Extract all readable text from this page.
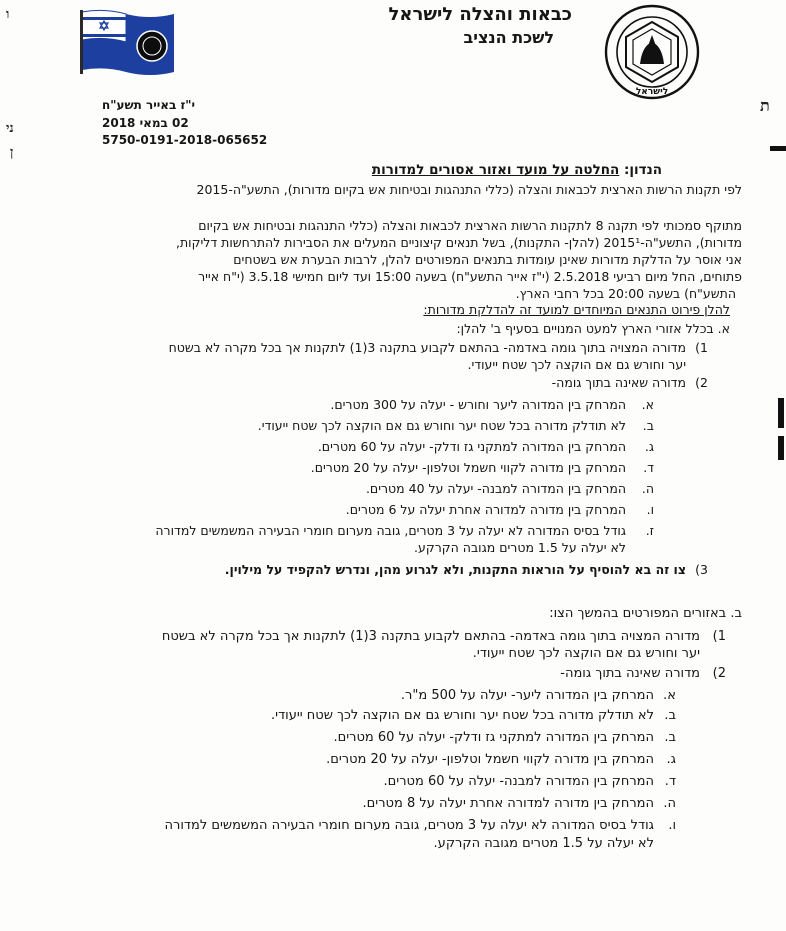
ו
ני
ן
ת
כבאות והצלה לישראל
לשכת הנציב
לישראל
י"ז באייר תשע"ח
02 במאי 2018
5750-0191-2018-065652
הנדון: החלטה על מועד ואזור אסורים למדורות
לפי תקנות הרשות הארצית לכבאות והצלה (כללי התנהגות ובטיחות אש בקיום מדורות), התשע"ה-2015
מתוקף סמכותי לפי תקנה 8 לתקנות הרשות הארצית לכבאות והצלה (כללי התנהגות ובטיחות אש בקיום
מדורות), התשע"ה-2015¹ (להלן- התקנות), בשל תנאים קיצוניים המעלים את הסבירות להתרחשות דליקות,
אני אוסר על הדלקת מדורות שאינן עומדות בתנאים המפורטים להלן, לרבות הבערת אש בשטחים
פתוחים, החל מיום רביעי 2.5.2018 (י"ז אייר התשע"ח) בשעה 15:00 ועד ליום חמישי 3.5.18 (י"ח אייר
התשע"ח) בשעה 20:00 בכל רחבי הארץ.
להלן פירוט התנאים המיוחדים למועד זה להדלקת מדורות:
א. בכלל אזורי הארץ למעט המנויים בסעיף ב' להלן:
1)
מדורה המצויה בתוך גומה באדמה- בהתאם לקבוע בתקנה 3(1) לתקנות אך בכל מקרה לא בשטח
יער וחורש גם אם הוקצה לכך שטח ייעודי.
2)
מדורה שאינה בתוך גומה-
א.
המרחק בין המדורה ליער וחורש - יעלה על 300 מטרים.
ב.
לא תודלק מדורה בכל שטח יער וחורש גם אם הוקצה לכך שטח ייעודי.
ג.
המרחק בין המדורה למתקני גז ודלק- יעלה על 60 מטרים.
ד.
המרחק בין מדורה לקווי חשמל וטלפון- יעלה על 20 מטרים.
ה.
המרחק בין המדורה למבנה- יעלה על 40 מטרים.
ו.
המרחק בין מדורה למדורה אחרת יעלה על 6 מטרים.
ז.
גודל בסיס המדורה לא יעלה על 3 מטרים, גובה מערום חומרי הבעירה המשמשים למדורה
לא יעלה על 1.5 מטרים מגובה הקרקע.
3)
צו זה בא להוסיף על הוראות התקנות, ולא לגרוע מהן, ונדרש להקפיד על מילוין.
ב. באזורים המפורטים בהמשך הצו:
1)
מדורה המצויה בתוך גומה באדמה- בהתאם לקבוע בתקנה 3(1) לתקנות אך בכל מקרה לא בשטח
יער וחורש גם אם הוקצה לכך שטח ייעודי.
2)
מדורה שאינה בתוך גומה-
א.
המרחק בין המדורה ליער- יעלה על 500 מ"ר.
ב.
לא תודלק מדורה בכל שטח יער וחורש גם אם הוקצה לכך שטח ייעודי.
ב.
המרחק בין המדורה למתקני גז ודלק- יעלה על 60 מטרים.
ג.
המרחק בין מדורה לקווי חשמל וטלפון- יעלה על 20 מטרים.
ד.
המרחק בין המדורה למבנה- יעלה על 60 מטרים.
ה.
המרחק בין מדורה למדורה אחרת יעלה על 8 מטרים.
ו.
גודל בסיס המדורה לא יעלה על 3 מטרים, גובה מערום חומרי הבעירה המשמשים למדורה
לא יעלה על 1.5 מטרים מגובה הקרקע.
